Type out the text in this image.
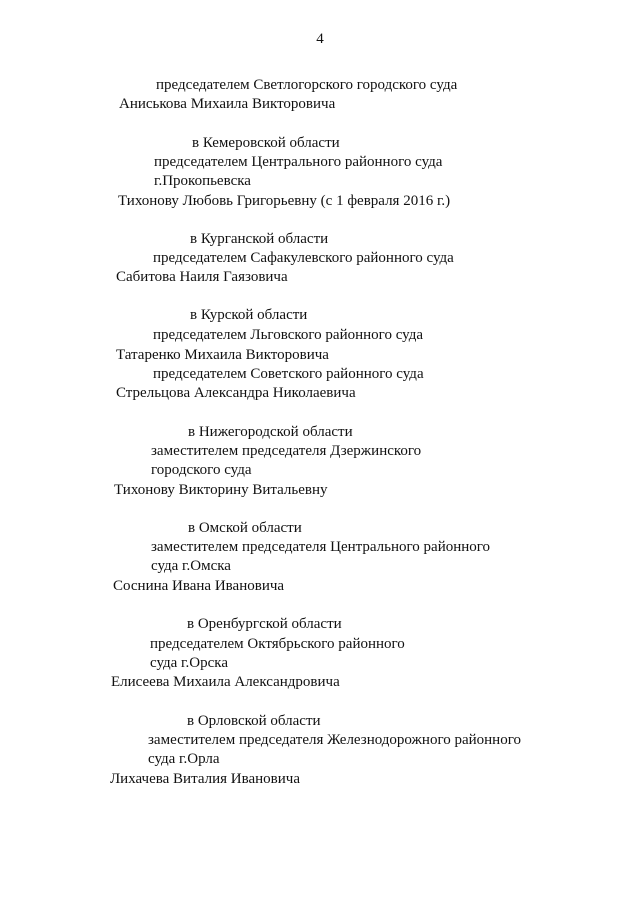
4
председателем Светлогорского городского суда
Аниськова Михаила Викторовича
в Кемеровской области
председателем Центрального районного суда
г.Прокопьевска
Тихонову Любовь Григорьевну (с 1 февраля 2016 г.)
в Курганской области
председателем Сафакулевского районного суда
Сабитова Наиля Гаязовича
в Курской области
председателем Льговского районного суда
Татаренко Михаила Викторовича
председателем Советского районного суда
Стрельцова Александра Николаевича
в Нижегородской области
заместителем председателя Дзержинского
городского суда
Тихонову Викторину Витальевну
в Омской области
заместителем председателя Центрального районного
суда г.Омска
Соснина Ивана Ивановича
в Оренбургской области
председателем Октябрьского районного
суда г.Орска
Елисеева Михаила Александровича
в Орловской области
заместителем председателя Железнодорожного районного
суда г.Орла
Лихачева Виталия Ивановича
